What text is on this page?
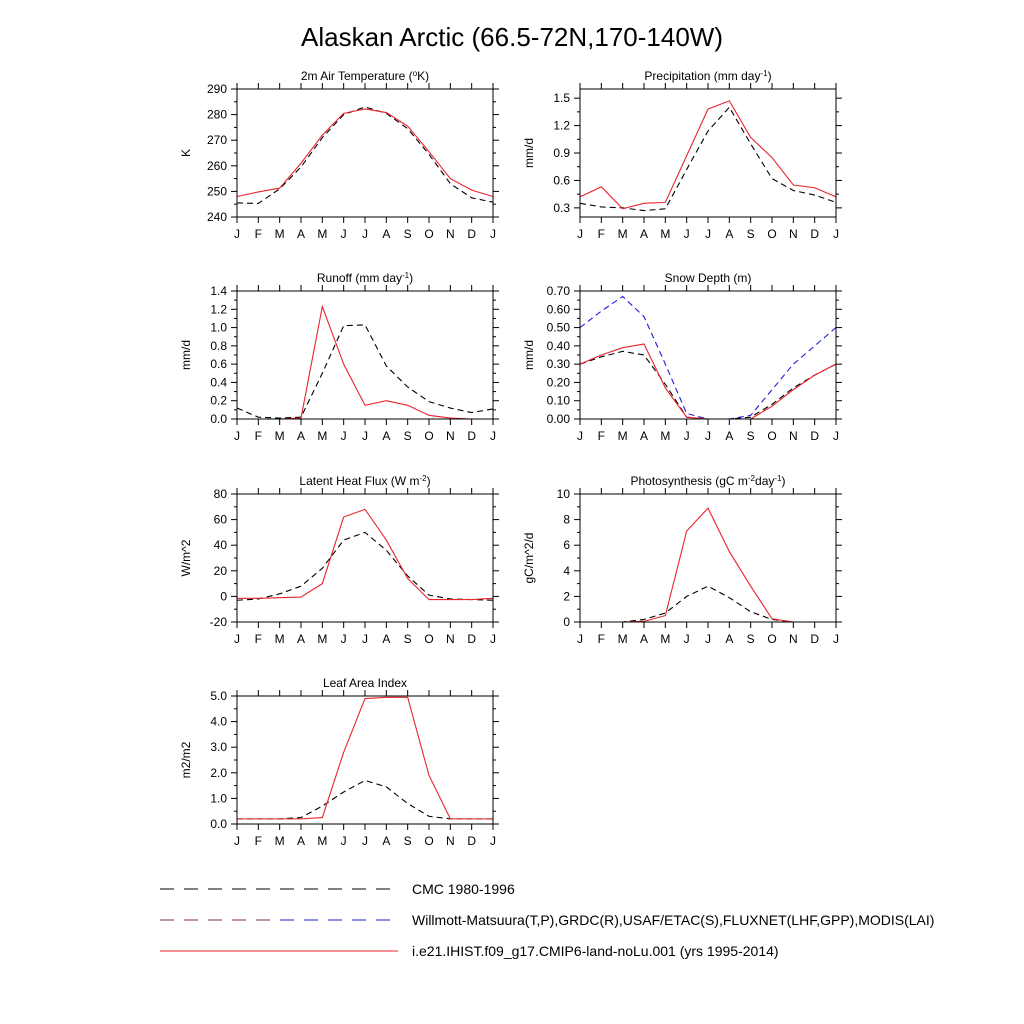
Alaskan Arctic (66.5-72N,170-140W)
J F M A M J J A S O N D J
240
250
260
270
280
290
2m Air Temperature ($^o$K)
K
J F M A M J J A S O N D J
0.3
0.6
0.9
1.2
1.5
Precipitation (mm day$^{-1}$)
mm/d
J F M A M J J A S O N D J
0.0
0.2
0.4
0.6
0.8
1.0
1.2
1.4
Runoff (mm day$^{-1}$)
mm/d
J F M A M J J A S O N D J
0.00
0.10
0.20
0.30
0.40
0.50
0.60
0.70
Snow Depth (m)
mm/d
J F M A M J J A S O N D J
-20
0
20
40
60
80
Latent Heat Flux (W $m^{-2}$)
W/m^2
J F M A M J J A S O N D J
0
2
4
6
8
10
Photosynthesis (gC $m^{-2}day^{-1}$)
gC/m^2/d
J F M A M J J A S O N D J
0.0
1.0
2.0
3.0
4.0
5.0
Leaf Area Index
m2/m2
CMC 1980-1996
Willmott-Matsuura(T,P),GRDC(R),USAF/ETAC(S),FLUXNET(LHF,GPP),MODIS(LAI)
i.e21.IHIST.f09_g17.CMIP6-land-noLu.001 (yrs 1995-2014)
